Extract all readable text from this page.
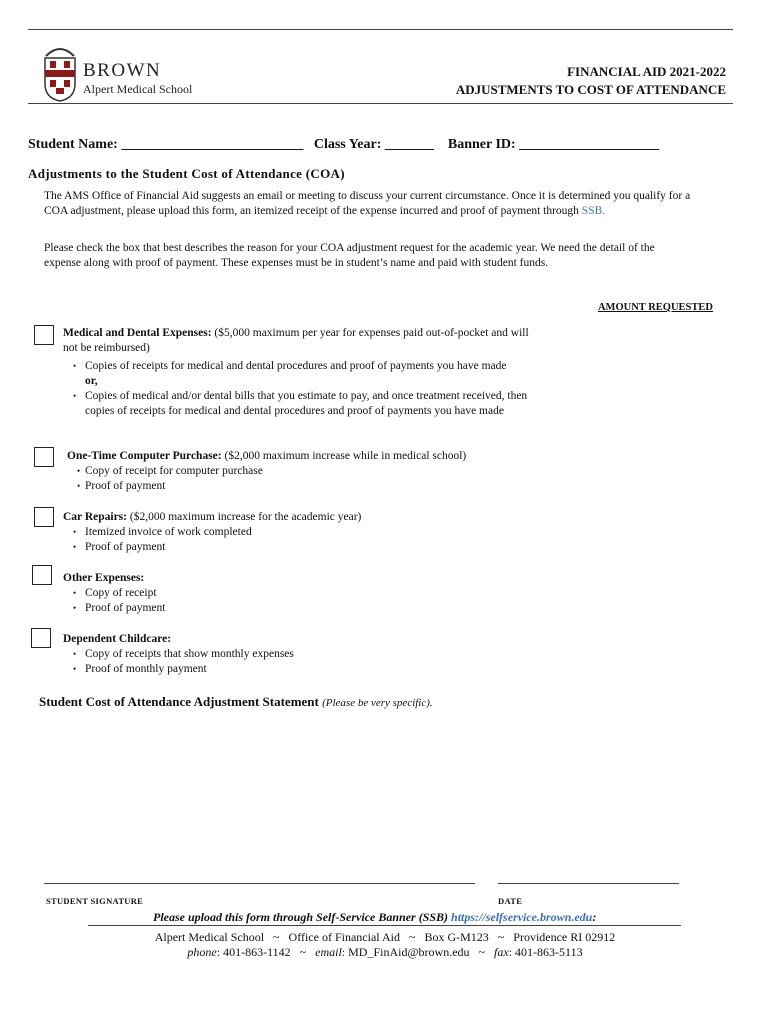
BROWN
Alpert Medical School
FINANCIAL AID 2021-2022
ADJUSTMENTS TO COST OF ATTENDANCE
Student Name: __________________________   Class Year: _______    Banner ID: ____________________
Adjustments to the Student Cost of Attendance (COA)
The AMS Office of Financial Aid suggests an email or meeting to discuss your current circumstance. Once it is determined you qualify for a COA adjustment, please upload this form, an itemized receipt of the expense incurred and proof of payment through SSB.
Please check the box that best describes the reason for your COA adjustment request for the academic year. We need the detail of the expense along with proof of payment. These expenses must be in student’s name and paid with student funds.
AMOUNT REQUESTED
Medical and Dental Expenses: ($5,000 maximum per year for expenses paid out-of-pocket and will not be reimbursed)
• Copies of receipts for medical and dental procedures and proof of payments you have made
or,
• Copies of medical and/or dental bills that you estimate to pay, and once treatment received, then copies of receipts for medical and dental procedures and proof of payments you have made
One-Time Computer Purchase: ($2,000 maximum increase while in medical school)
• Copy of receipt for computer purchase
• Proof of payment
Car Repairs: ($2,000 maximum increase for the academic year)
• Itemized invoice of work completed
• Proof of payment
Other Expenses:
• Copy of receipt
• Proof of payment
Dependent Childcare:
• Copy of receipts that show monthly expenses
• Proof of monthly payment
Student Cost of Attendance Adjustment Statement (Please be very specific).
STUDENT SIGNATURE	DATE
Please upload this form through Self-Service Banner (SSB) https://selfservice.brown.edu:
Alpert Medical School   ~   Office of Financial Aid   ~   Box G-M123   ~   Providence RI 02912
phone: 401-863-1142   ~   email: MD_FinAid@brown.edu   ~   fax: 401-863-5113
